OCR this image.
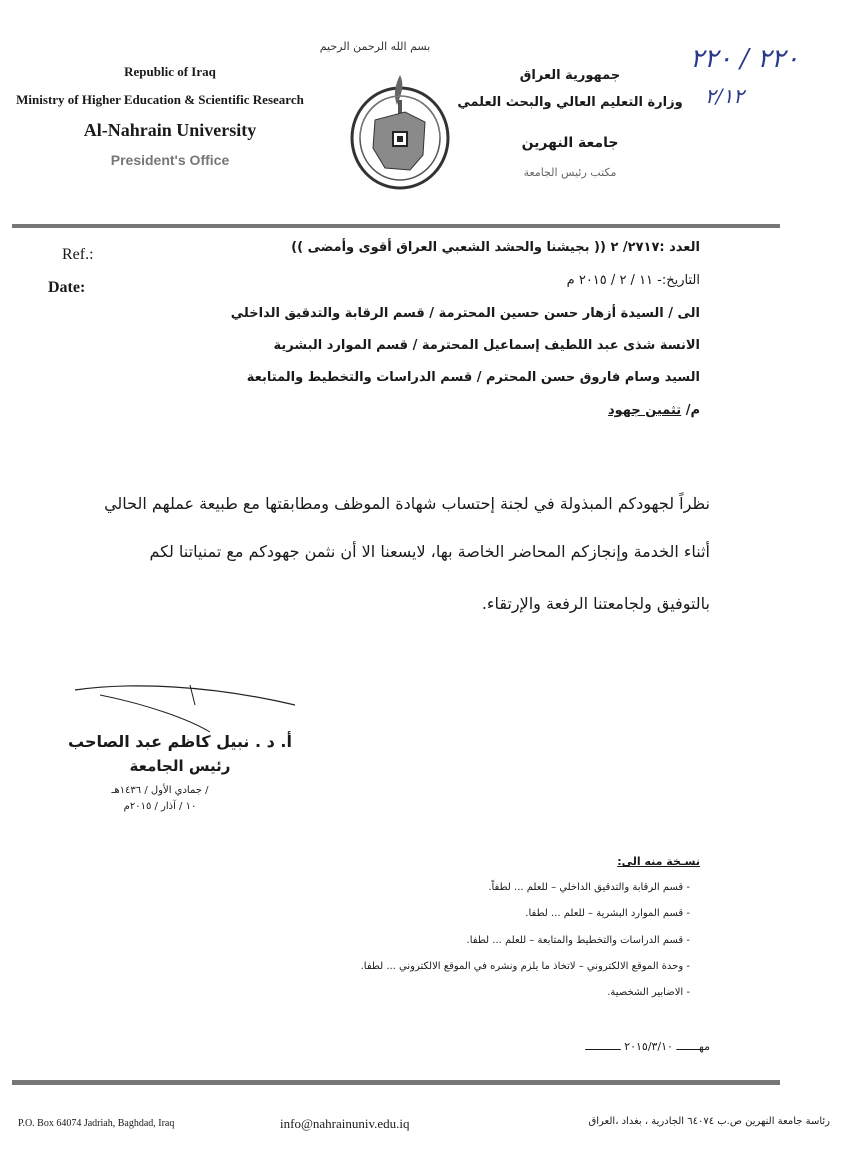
Republic of Iraq
Ministry of Higher Education & Scientific Research
Al-Nahrain University
President's Office
بسم الله الرحمن الرحيم
جمهورية العراق
وزارة التعليم العالي والبحث العلمي
جامعة النهرين
مكتب رئيس الجامعة
٢٢٠ / ٢٢٠
٢/١٢
Ref.:
Date:
العدد :٢٧١٧/ ٢ (( بجيشنا والحشد الشعبي العراق أقوى وأمضى ))
التاريخ:- ١١ / ٢ / ٢٠١٥ م
الى / السيدة أزهار حسن حسين المحترمة / قسم الرقابة والتدقيق الداخلي
الانسة شذى عبد اللطيف إسماعيل المحترمة / قسم الموارد البشرية
السيد وسام فاروق حسن المحترم / قسم الدراسات والتخطيط والمتابعة
م/ تثمين جهود
نظراً لجهودكم المبذولة في لجنة إحتساب شهادة الموظف ومطابقتها مع طبيعة عملهم الحالي
أثناء الخدمة وإنجازكم المحاضر الخاصة بها، لايسعنا الا أن نثمن جهودكم مع تمنياتنا لكم
بالتوفيق ولجامعتنا الرفعة والإرتقاء.
أ. د . نبيل كاظم عبد الصاحب
رئيس الجامعة
/ جمادي الأول / ١٤٣٦هـ
١٠ / آذار / ٢٠١٥م
نسـخة منه الى:
- قسم الرقابة والتدقيق الداخلي – للعلم ... لطفاً.
- قسم الموارد البشرية – للعلم ... لطفا.
- قسم الدراسات والتخطيط والمتابعة – للعلم ... لطفا.
- وحدة الموقع الالكتروني – لاتخاذ ما يلزم ونشره في الموقع الالكتروني ... لطفا.
- الاضابير الشخصية.
مهـــــــ ٢٠١٥/٣/١٠ ـــــــــــ
P.O. Box 64074 Jadriah, Baghdad, Iraq	info@nahrainuniv.edu.iq	رئاسة جامعة النهرين ص.ب ٦٤٠٧٤ الجادرية ، بغداد ،العراق
